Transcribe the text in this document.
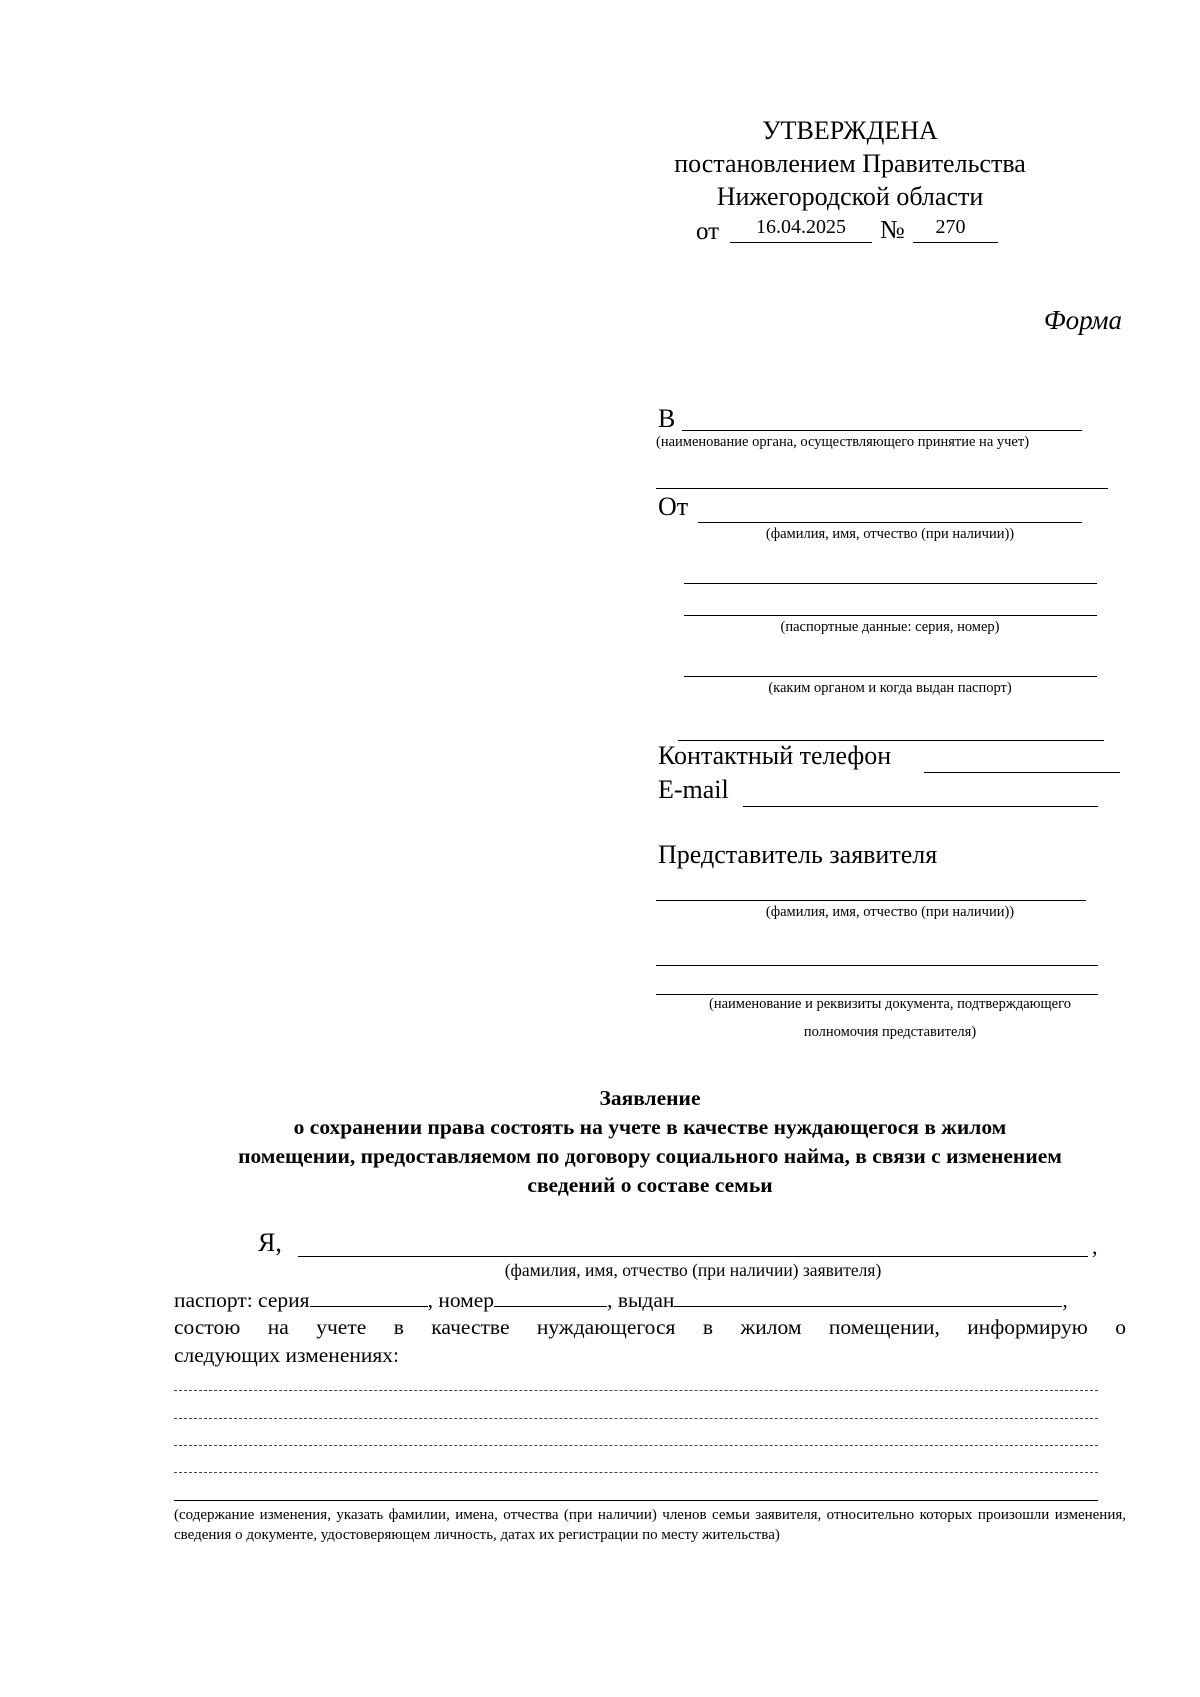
УТВЕРЖДЕНА
постановлением Правительства
Нижегородской области
от	16.04.2025	№	270
Форма
В
(наименование органа, осуществляющего принятие на учет)
От
(фамилия, имя, отчество (при наличии))
(паспортные данные: серия, номер)
(каким органом и когда выдан паспорт)
Контактный телефон
E-mail
Представитель заявителя
(фамилия, имя, отчество (при наличии))
(наименование и реквизиты документа, подтверждающего
полномочия представителя)
Заявление
о сохранении права состоять на учете в качестве нуждающегося в жилом
помещении, предоставляемом по договору социального найма, в связи с изменением
сведений о составе семьи
Я,	,
(фамилия, имя, отчество (при наличии) заявителя)
паспорт: серия	, номер	, выдан	,
состою на учете в качестве нуждающегося в жилом помещении, информирую о
следующих изменениях:
(содержание изменения, указать фамилии, имена, отчества (при наличии) членов семьи заявителя, относительно которых произошли изменения, сведения о документе, удостоверяющем личность, датах их регистрации по месту жительства)
